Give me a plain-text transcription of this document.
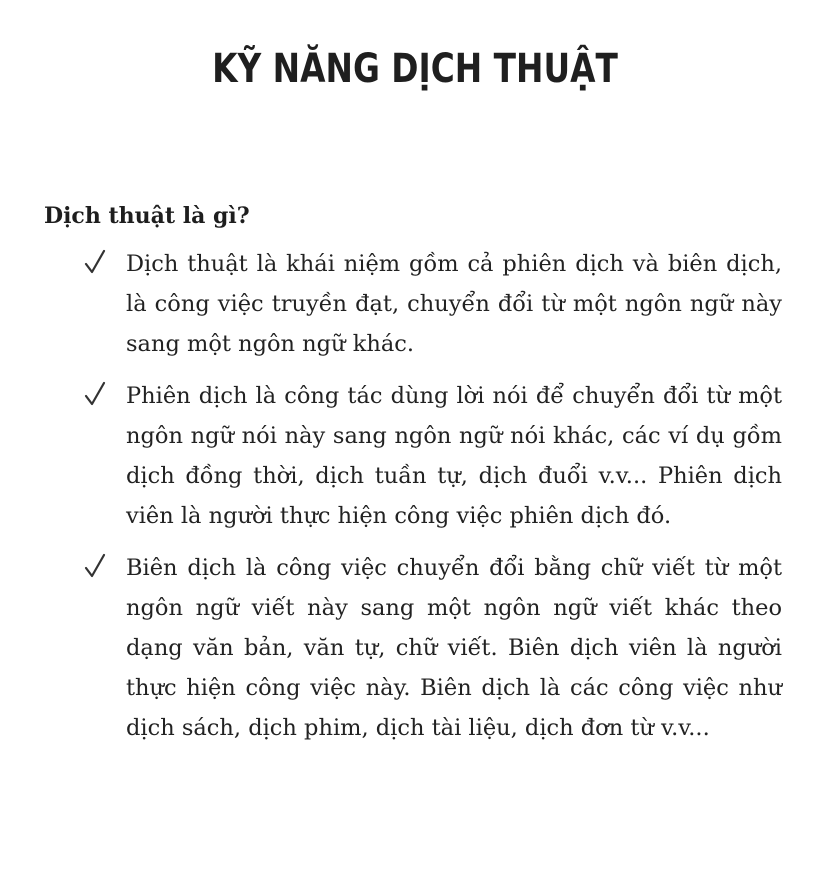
KỸ NĂNG DỊCH THUẬT
Dịch thuật là gì?
Dịch thuật là khái niệm gồm cả phiên dịch và biên dịch, là công việc truyền đạt, chuyển đổi từ một ngôn ngữ này sang một ngôn ngữ khác.
Phiên dịch là công tác dùng lời nói để chuyển đổi từ một ngôn ngữ nói này sang ngôn ngữ nói khác, các ví dụ gồm dịch đồng thời, dịch tuần tự, dịch đuổi v.v... Phiên dịch viên là người thực hiện công việc phiên dịch đó.
Biên dịch là công việc chuyển đổi bằng chữ viết từ một ngôn ngữ viết này sang một ngôn ngữ viết khác theo dạng văn bản, văn tự, chữ viết. Biên dịch viên là người thực hiện công việc này. Biên dịch là các công việc như dịch sách, dịch phim, dịch tài liệu, dịch đơn từ v.v...
